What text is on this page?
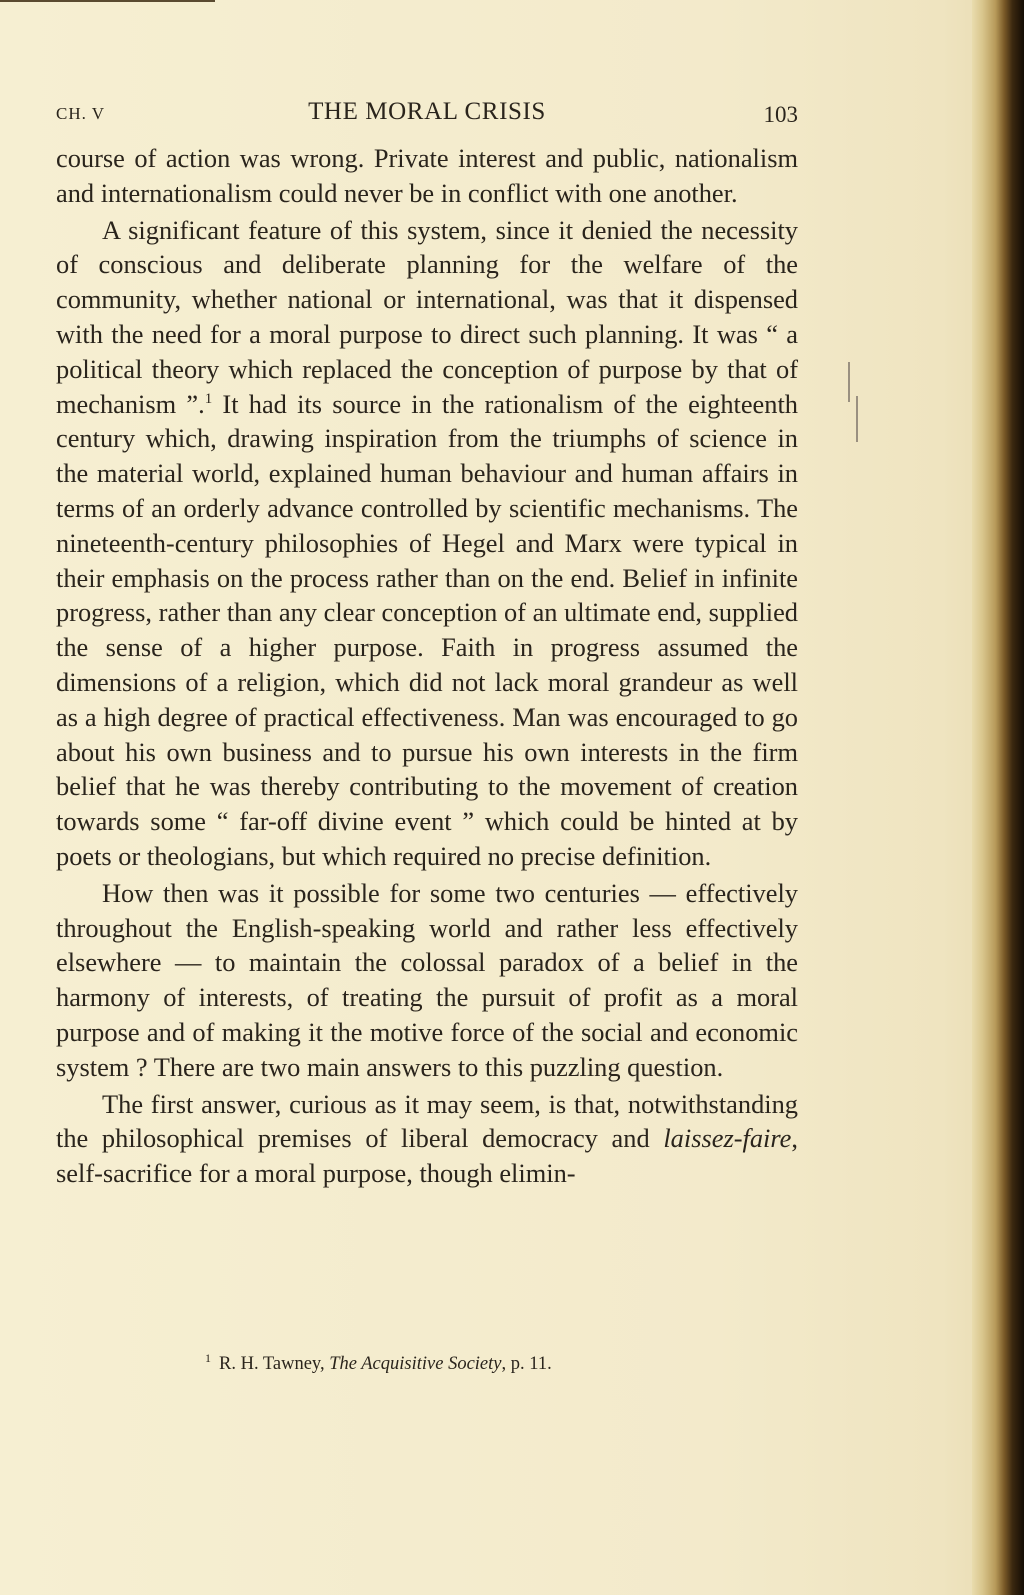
CH. V	THE MORAL CRISIS	103

course of action was wrong. Private interest and public, nationalism and internationalism could never be in conflict with one another.

A significant feature of this system, since it denied the necessity of conscious and deliberate planning for the welfare of the community, whether national or international, was that it dispensed with the need for a moral purpose to direct such planning. It was “ a political theory which replaced the conception of purpose by that of mechanism ”.$^1$ It had its source in the rationalism of the eighteenth century which, drawing inspiration from the triumphs of science in the material world, explained human behaviour and human affairs in terms of an orderly advance controlled by scientific mechanisms. The nineteenth-century philosophies of Hegel and Marx were typical in their emphasis on the process rather than on the end. Belief in infinite progress, rather than any clear conception of an ultimate end, supplied the sense of a higher purpose. Faith in progress assumed the dimensions of a religion, which did not lack moral grandeur as well as a high degree of practical effectiveness. Man was encouraged to go about his own business and to pursue his own interests in the firm belief that he was thereby contributing to the movement of creation towards some “ far-off divine event ” which could be hinted at by poets or theologians, but which required no precise definition.

How then was it possible for some two centuries — effectively throughout the English-speaking world and rather less effectively elsewhere — to maintain the colossal paradox of a belief in the harmony of interests, of treating the pursuit of profit as a moral purpose and of making it the motive force of the social and economic system ? There are two main answers to this puzzling question.

The first answer, curious as it may seem, is that, notwithstanding the philosophical premises of liberal democracy and laissez-faire, self-sacrifice for a moral purpose, though elimin-

$^1$ R. H. Tawney, The Acquisitive Society, p. 11.
